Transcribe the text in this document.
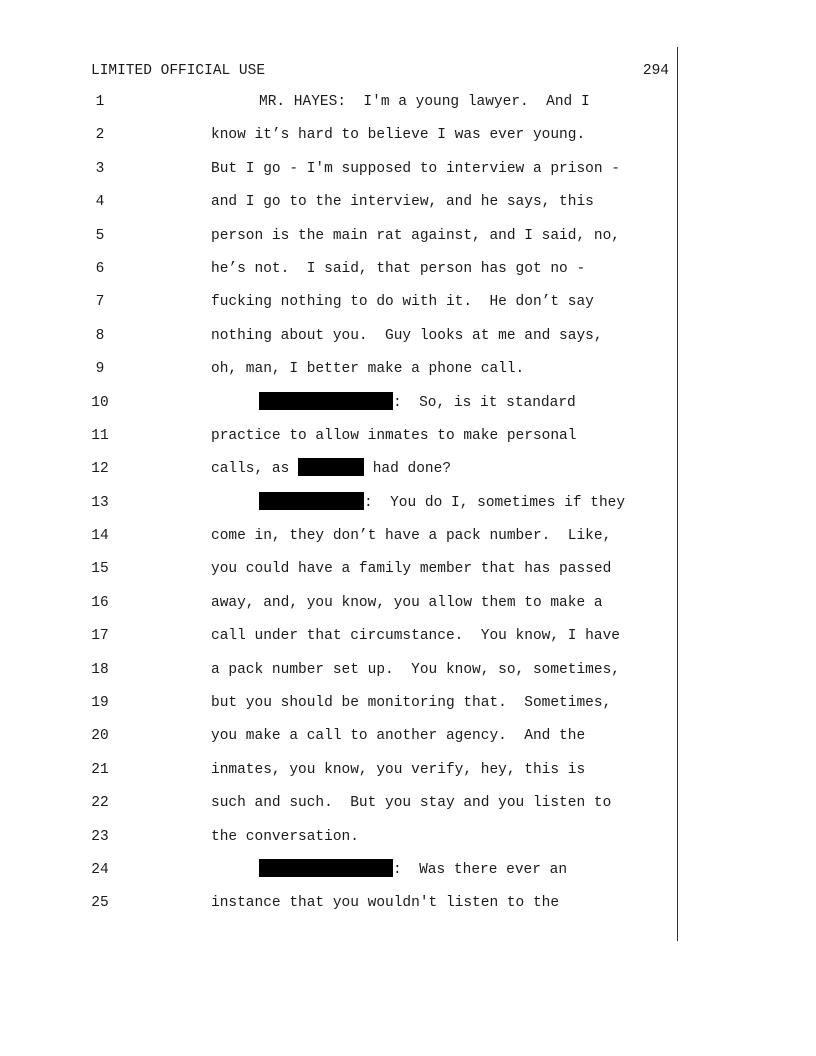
LIMITED OFFICIAL USE	294
1	MR. HAYES:  I'm a young lawyer.  And I
2	know it’s hard to believe I was ever young.
3	But I go - I'm supposed to interview a prison -
4	and I go to the interview, and he says, this
5	person is the main rat against, and I said, no,
6	he’s not.  I said, that person has got no -
7	fucking nothing to do with it.  He don’t say
8	nothing about you.  Guy looks at me and says,
9	oh, man, I better make a phone call.
10	:  So, is it standard
11	practice to allow inmates to make personal
12	calls, as	had done?
13	:  You do I, sometimes if they
14	come in, they don’t have a pack number.  Like,
15	you could have a family member that has passed
16	away, and, you know, you allow them to make a
17	call under that circumstance.  You know, I have
18	a pack number set up.  You know, so, sometimes,
19	but you should be monitoring that.  Sometimes,
20	you make a call to another agency.  And the
21	inmates, you know, you verify, hey, this is
22	such and such.  But you stay and you listen to
23	the conversation.
24	:  Was there ever an
25	instance that you wouldn't listen to the
